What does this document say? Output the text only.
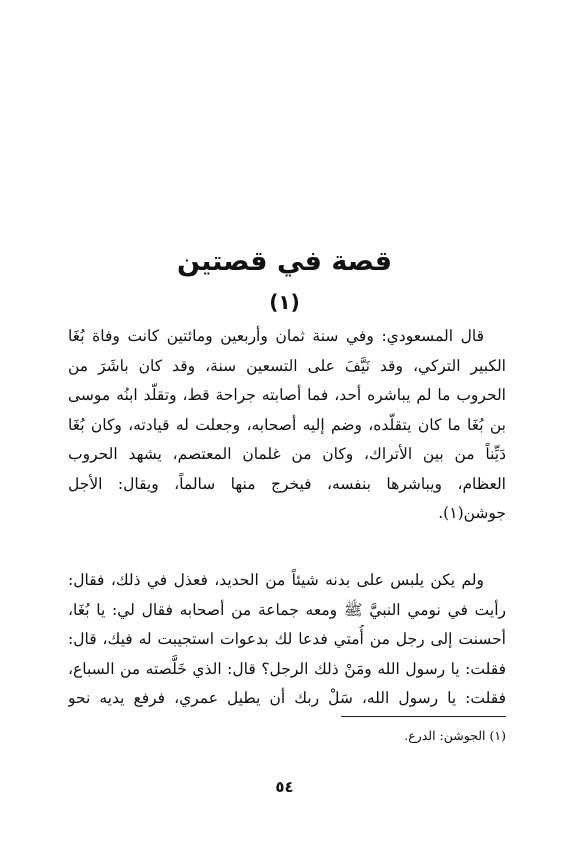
قصة في قصتين
(١)
قال المسعودي: وفي سنة ثمان وأربعين ومائتين كانت وفاة بُغَا
الكبير التركي، وقد نَيَّفَ على التسعين سنة، وقد كان باشَرَ من
الحروب ما لم يباشره أحد، فما أصابته جراحة قط، وتقلّد ابنُه موسى
بن بُغَا ما كان يتقلّده، وضم إليه أصحابه، وجعلت له قيادته، وكان بُغَا
دَيِّناً من بين الأتراك، وكان من غلمان المعتصم، يشهد الحروب
العظام، ويباشرها بنفسه، فيخرج منها سالماً، ويقال: الأجل
جوشن(١).
ولم يكن يلبس على بدنه شيئاً من الحديد، فعذل في ذلك، فقال:
رأيت في نومي النبيَّ ﷺ ومعه جماعة من أصحابه فقال لي: يا بُغَا،
أحسنت إلى رجل من أُمتي فدعا لك بدعوات استجيبت له فيك، قال:
فقلت: يا رسول الله ومَنْ ذلك الرجل؟ قال: الذي خَلَّصته من السباع،
فقلت: يا رسول الله، سَلْ ربك أن يطيل عمري، فرفع يديه نحو
(١) الجوشن: الدرع.
٥٤
